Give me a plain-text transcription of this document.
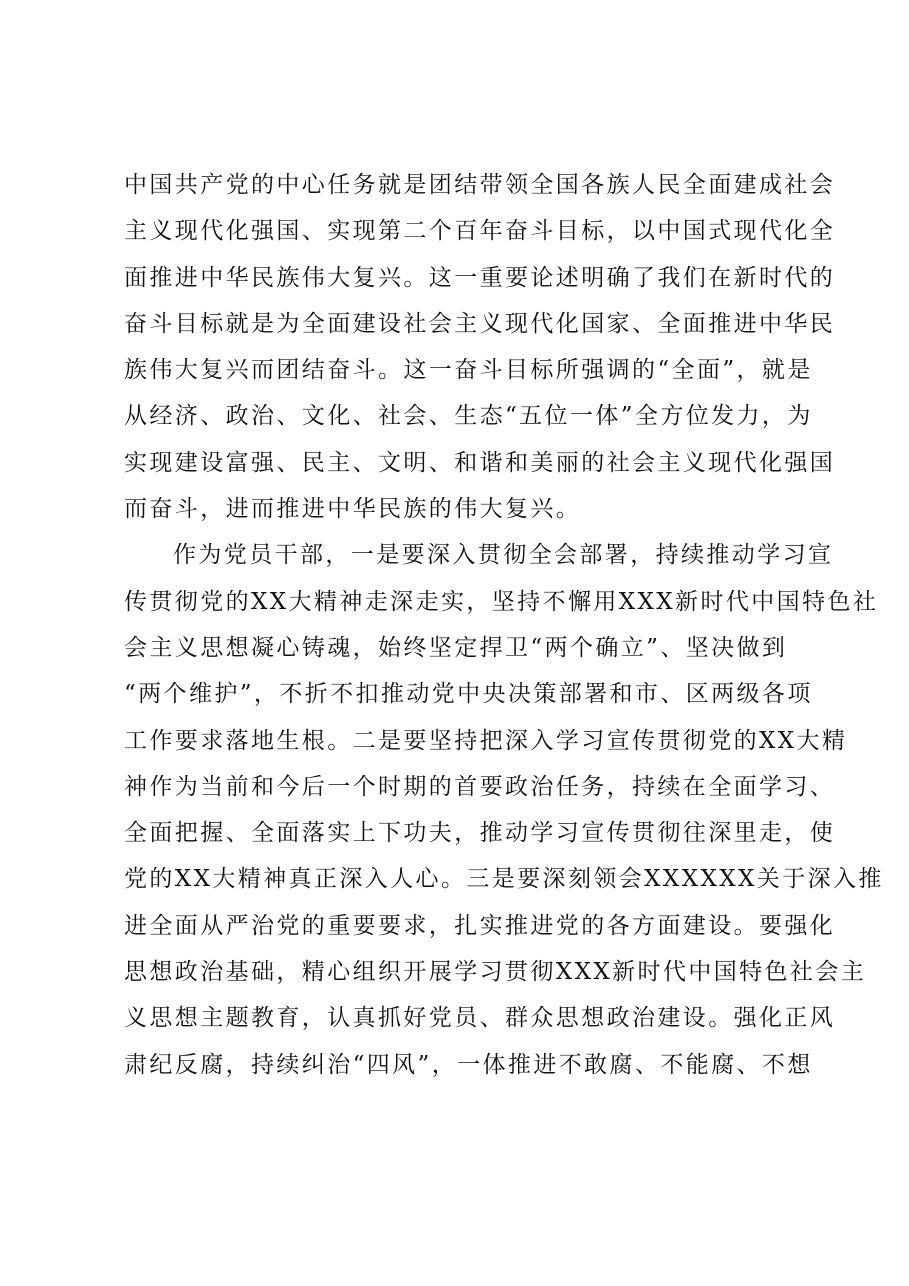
中国共产党的中心任务就是团结带领全国各族人民全面建成社会
主义现代化强国、实现第二个百年奋斗目标，以中国式现代化全
面推进中华民族伟大复兴。这一重要论述明确了我们在新时代的
奋斗目标就是为全面建设社会主义现代化国家、全面推进中华民
族伟大复兴而团结奋斗。这一奋斗目标所强调的“全面”，就是
从经济、政治、文化、社会、生态“五位一体”全方位发力，为
实现建设富强、民主、文明、和谐和美丽的社会主义现代化强国
而奋斗，进而推进中华民族的伟大复兴。
作为党员干部，一是要深入贯彻全会部署，持续推动学习宣
传贯彻党的XX大精神走深走实，坚持不懈用XXX新时代中国特色社
会主义思想凝心铸魂，始终坚定捍卫“两个确立”、坚决做到
“两个维护”，不折不扣推动党中央决策部署和市、区两级各项
工作要求落地生根。二是要坚持把深入学习宣传贯彻党的XX大精
神作为当前和今后一个时期的首要政治任务，持续在全面学习、
全面把握、全面落实上下功夫，推动学习宣传贯彻往深里走，使
党的XX大精神真正深入人心。三是要深刻领会XXXXXX关于深入推
进全面从严治党的重要要求，扎实推进党的各方面建设。要强化
思想政治基础，精心组织开展学习贯彻XXX新时代中国特色社会主
义思想主题教育，认真抓好党员、群众思想政治建设。强化正风
肃纪反腐，持续纠治“四风”，一体推进不敢腐、不能腐、不想
